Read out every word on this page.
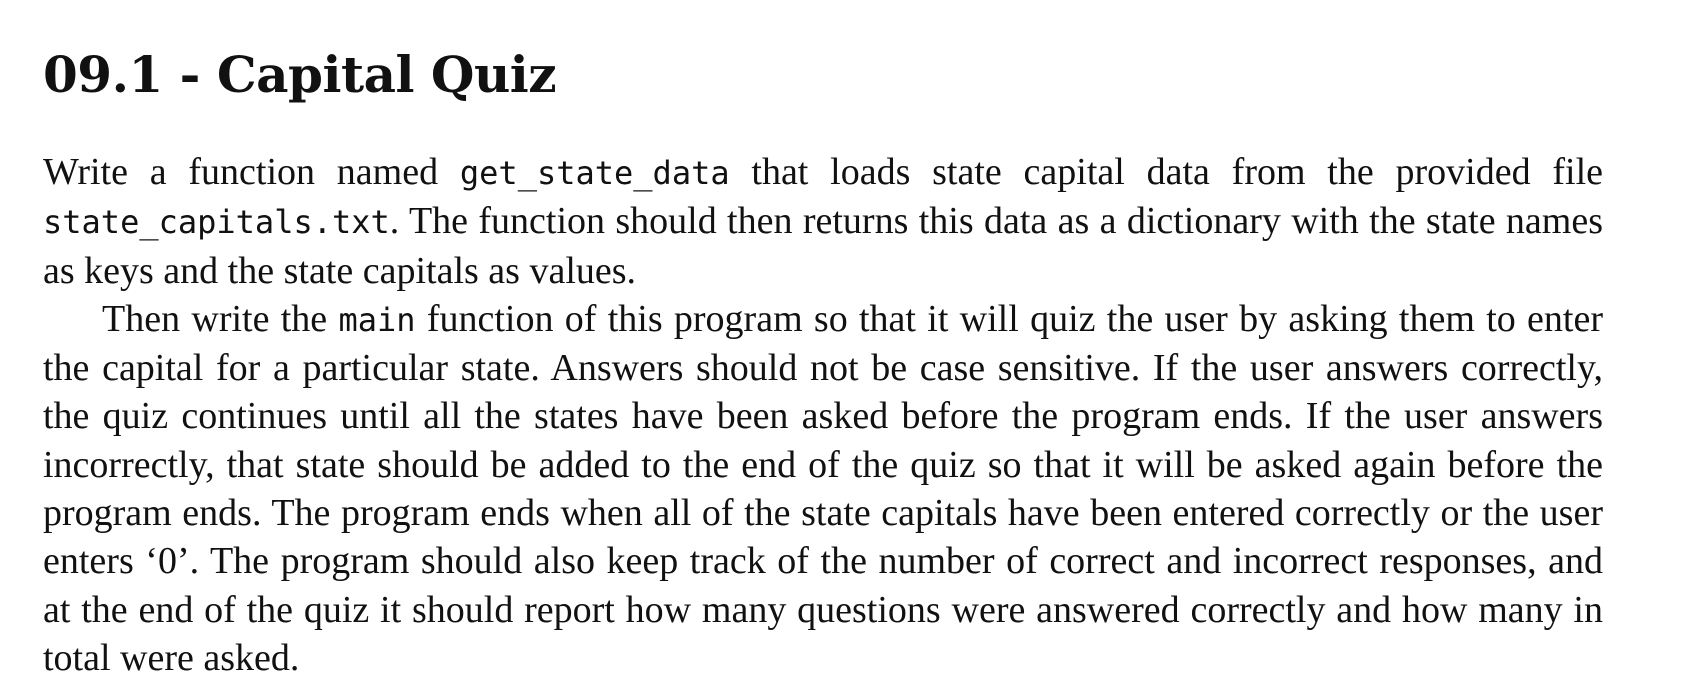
09.1 - Capital Quiz

Write a function named get_state_data that loads state capital data from the provided file state_capitals.txt. The function should then returns this data as a dictionary with the state names as keys and the state capitals as values.

Then write the main function of this program so that it will quiz the user by asking them to enter the capital for a particular state. Answers should not be case sensitive. If the user answers correctly, the quiz continues until all the states have been asked before the program ends. If the user answers incorrectly, that state should be added to the end of the quiz so that it will be asked again before the program ends. The program ends when all of the state capitals have been entered correctly or the user enters ‘0’. The program should also keep track of the number of correct and incorrect responses, and at the end of the quiz it should report how many questions were answered correctly and how many in total were asked.
